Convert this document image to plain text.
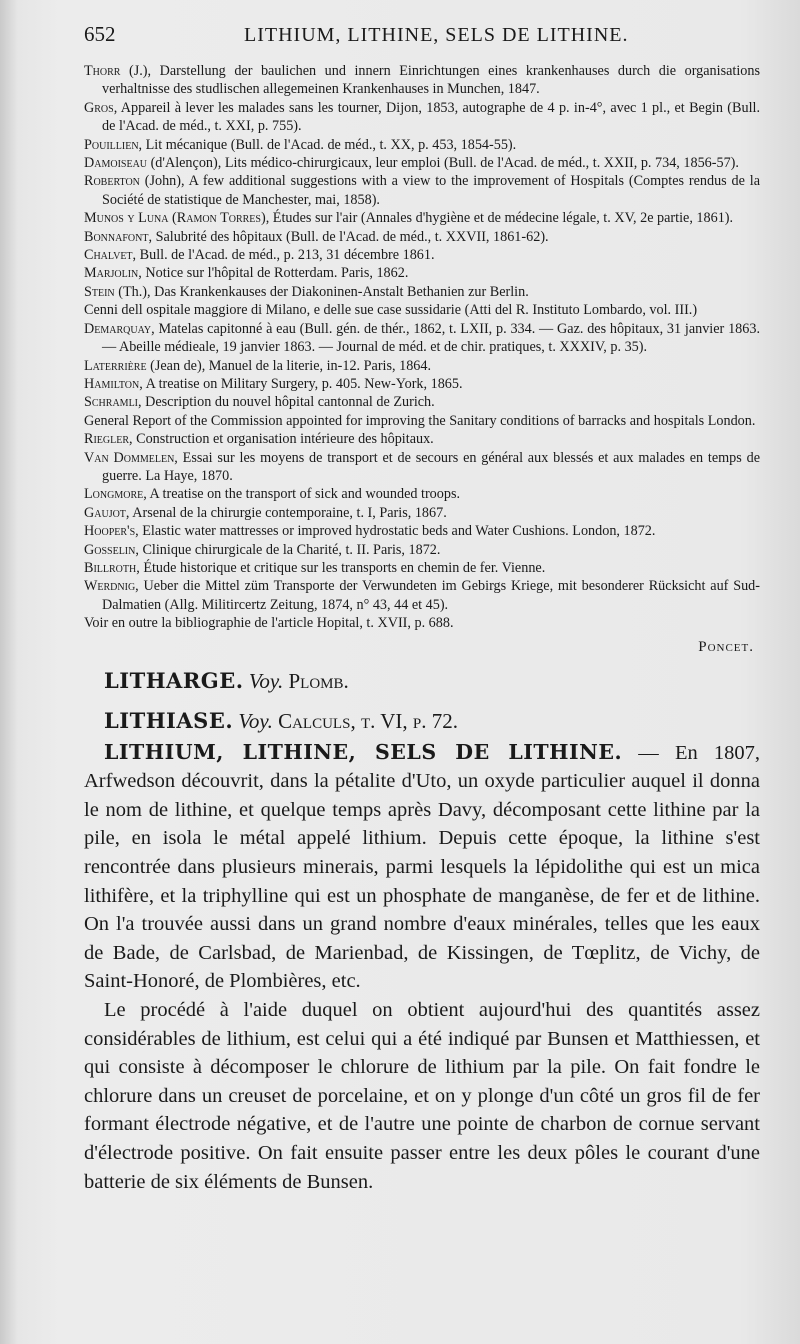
652	LITHIUM, LITHINE, SELS DE LITHINE.
Thorr (J.), Darstellung der baulichen und innern Einrichtungen eines krankenhauses durch die organisations verhaltnisse des studlischen allegemeinen Krankenhauses in Munchen, 1847.
Gros, Appareil à lever les malades sans les tourner, Dijon, 1853, autographe de 4 p. in-4°, avec 1 pl., et Begin (Bull. de l'Acad. de méd., t. XXI, p. 755).
Pouillien, Lit mécanique (Bull. de l'Acad. de méd., t. XX, p. 453, 1854-55).
Damoiseau (d'Alençon), Lits médico-chirurgicaux, leur emploi (Bull. de l'Acad. de méd., t. XXII, p. 734, 1856-57).
Roberton (John), A few additional suggestions with a view to the improvement of Hospitals (Comptes rendus de la Société de statistique de Manchester, mai, 1858).
Munos y Luna (Ramon Torres), Études sur l'air (Annales d'hygiène et de médecine légale, t. XV, 2e partie, 1861).
Bonnafont, Salubrité des hôpitaux (Bull. de l'Acad. de méd., t. XXVII, 1861-62).
Chalvet, Bull. de l'Acad. de méd., p. 213, 31 décembre 1861.
Marjolin, Notice sur l'hôpital de Rotterdam. Paris, 1862.
Stein (Th.), Das Krankenkauses der Diakoninen-Anstalt Bethanien zur Berlin.
Cenni dell ospitale maggiore di Milano, e delle sue case sussidarie (Atti del R. Instituto Lombardo, vol. III.)
Demarquay, Matelas capitonné à eau (Bull. gén. de thér., 1862, t. LXII, p. 334. — Gaz. des hôpitaux, 31 janvier 1863. — Abeille médieale, 19 janvier 1863. — Journal de méd. et de chir. pratiques, t. XXXIV, p. 35).
Laterrière (Jean de), Manuel de la literie, in-12. Paris, 1864.
Hamilton, A treatise on Military Surgery, p. 405. New-York, 1865.
Schramli, Description du nouvel hôpital cantonnal de Zurich.
General Report of the Commission appointed for improving the Sanitary conditions of barracks and hospitals London.
Riegler, Construction et organisation intérieure des hôpitaux.
Van Dommelen, Essai sur les moyens de transport et de secours en général aux blessés et aux malades en temps de guerre. La Haye, 1870.
Longmore, A treatise on the transport of sick and wounded troops.
Gaujot, Arsenal de la chirurgie contemporaine, t. I, Paris, 1867.
Hooper's, Elastic water mattresses or improved hydrostatic beds and Water Cushions. London, 1872.
Gosselin, Clinique chirurgicale de la Charité, t. II. Paris, 1872.
Billroth, Étude historique et critique sur les transports en chemin de fer. Vienne.
Werdnig, Ueber die Mittel züm Transporte der Verwundeten im Gebirgs Kriege, mit besonderer Rücksicht auf Sud-Dalmatien (Allg. Militircertz Zeitung, 1874, n° 43, 44 et 45).
Voir en outre la bibliographie de l'article Hopital, t. XVII, p. 688.
Poncet.
LITHARGE. Voy. Plomb.
LITHIASE. Voy. Calculs, t. VI, p. 72.

LITHIUM, LITHINE, SELS DE LITHINE. — En 1807, Arfwedson découvrit, dans la pétalite d'Uto, un oxyde particulier auquel il donna le nom de lithine, et quelque temps après Davy, décomposant cette lithine par la pile, en isola le métal appelé lithium. Depuis cette époque, la lithine s'est rencontrée dans plusieurs minerais, parmi lesquels la lépidolithe qui est un mica lithifère, et la triphylline qui est un phosphate de manganèse, de fer et de lithine. On l'a trouvée aussi dans un grand nombre d'eaux minérales, telles que les eaux de Bade, de Carlsbad, de Marienbad, de Kissingen, de Tœplitz, de Vichy, de Saint-Honoré, de Plombières, etc.

Le procédé à l'aide duquel on obtient aujourd'hui des quantités assez considérables de lithium, est celui qui a été indiqué par Bunsen et Matthiessen, et qui consiste à décomposer le chlorure de lithium par la pile. On fait fondre le chlorure dans un creuset de porcelaine, et on y plonge d'un côté un gros fil de fer formant électrode négative, et de l'autre une pointe de charbon de cornue servant d'électrode positive. On fait ensuite passer entre les deux pôles le courant d'une batterie de six éléments de Bunsen.
